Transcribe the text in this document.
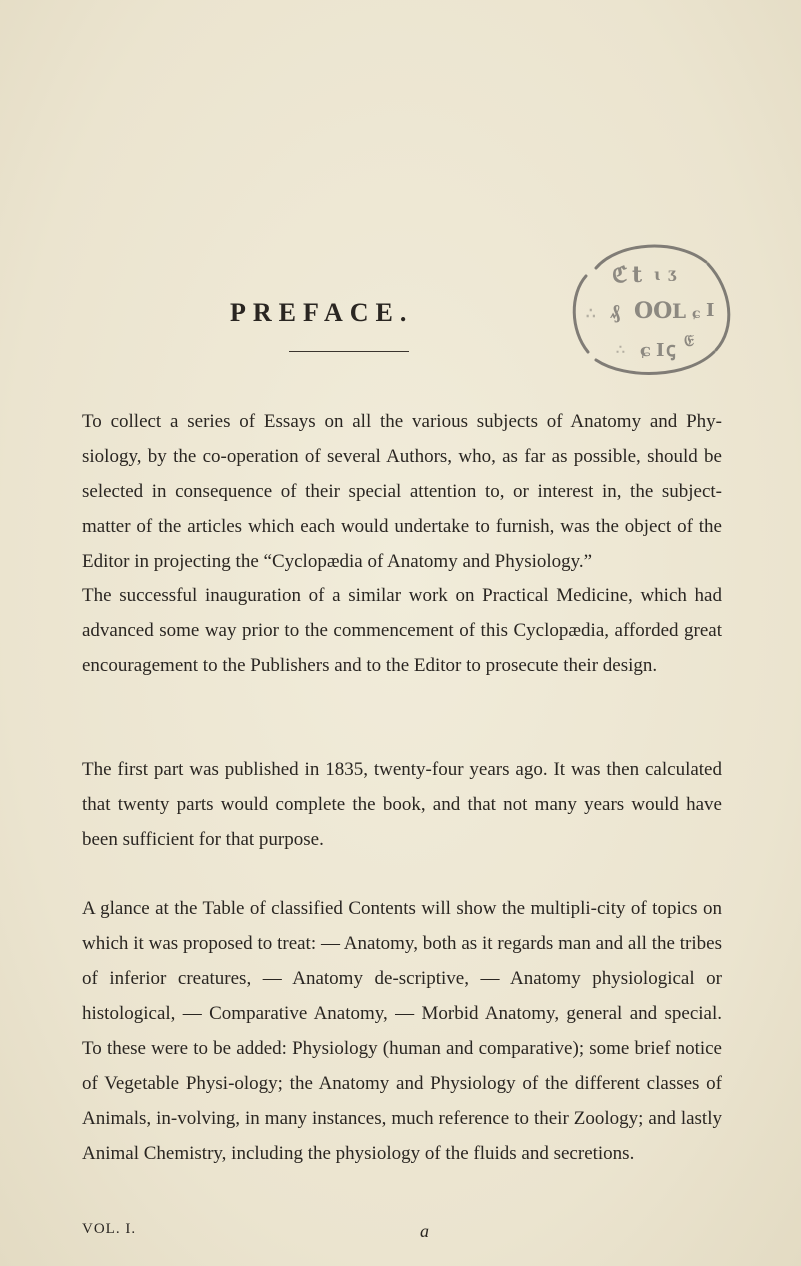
PREFACE.
ℭ t ɩ ʒ
∴ ₰ OO L ɕ I
∴ ɕ I ꞔ 𝔈

To collect a series of Essays on all the various subjects of Anatomy and Phy-siology, by the co-operation of several Authors, who, as far as possible, should be selected in consequence of their special attention to, or interest in, the subject-matter of the articles which each would undertake to furnish, was the object of the Editor in projecting the “Cyclopædia of Anatomy and Physiology.”

The successful inauguration of a similar work on Practical Medicine, which had advanced some way prior to the commencement of this Cyclopædia, afforded great encouragement to the Publishers and to the Editor to prosecute their design.

The first part was published in 1835, twenty-four years ago. It was then calculated that twenty parts would complete the book, and that not many years would have been sufficient for that purpose.

A glance at the Table of classified Contents will show the multipli-city of topics on which it was proposed to treat: — Anatomy, both as it regards man and all the tribes of inferior creatures, — Anatomy de-scriptive, — Anatomy physiological or histological, — Comparative Anatomy, — Morbid Anatomy, general and special. To these were to be added: Physiology (human and comparative); some brief notice of Vegetable Physi-ology; the Anatomy and Physiology of the different classes of Animals, in-volving, in many instances, much reference to their Zoology; and lastly Animal Chemistry, including the physiology of the fluids and secretions.

VOL. I.	a
